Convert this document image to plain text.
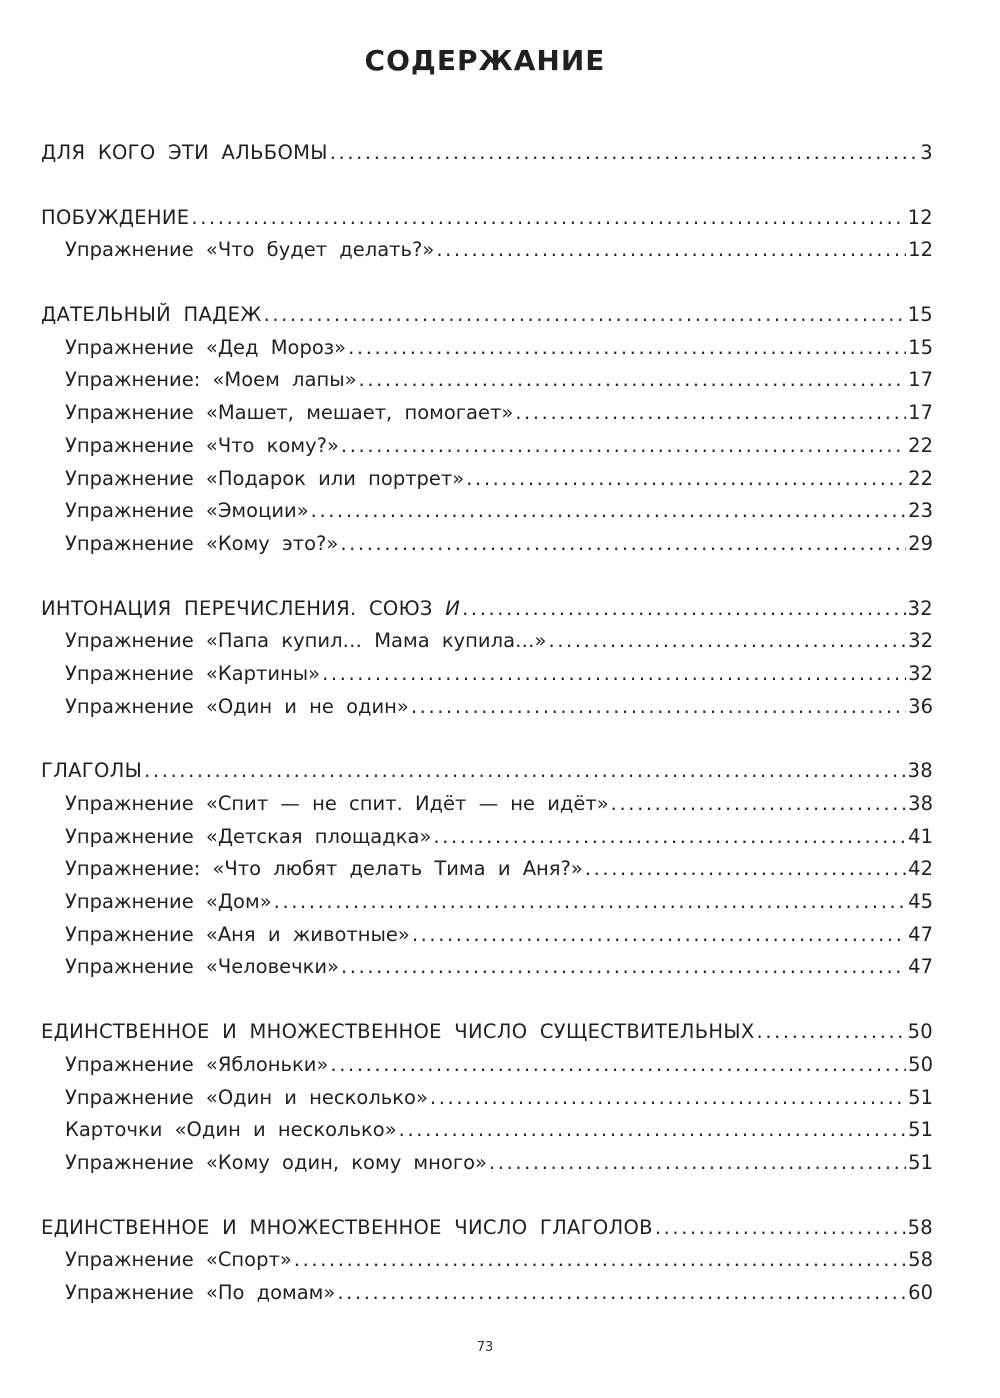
СОДЕРЖАНИЕ
ДЛЯ КОГО ЭТИ АЛЬБОМЫ .....	3
ПОБУЖДЕНИЕ .....	12
Упражнение «Что будет делать?» .....	12
ДАТЕЛЬНЫЙ ПАДЕЖ .....	15
Упражнение «Дед Мороз» .....	15
Упражнение: «Моем лапы» .....	17
Упражнение «Машет, мешает, помогает» .....	17
Упражнение «Что кому?» .....	22
Упражнение «Подарок или портрет» .....	22
Упражнение «Эмоции» .....	23
Упражнение «Кому это?» .....	29
ИНТОНАЦИЯ ПЕРЕЧИСЛЕНИЯ. СОЮЗ И .....	32
Упражнение «Папа купил… Мама купила…» .....	32
Упражнение «Картины» .....	32
Упражнение «Один и не один» .....	36
ГЛАГОЛЫ .....	38
Упражнение «Спит — не спит. Идёт — не идёт» .....	38
Упражнение «Детская площадка» .....	41
Упражнение: «Что любят делать Тима и Аня?» .....	42
Упражнение «Дом» .....	45
Упражнение «Аня и животные» .....	47
Упражнение «Человечки» .....	47
ЕДИНСТВЕННОЕ И МНОЖЕСТВЕННОЕ ЧИСЛО СУЩЕСТВИТЕЛЬНЫХ .....	50
Упражнение «Яблоньки» .....	50
Упражнение «Один и несколько» .....	51
Карточки «Один и несколько» .....	51
Упражнение «Кому один, кому много» .....	51
ЕДИНСТВЕННОЕ И МНОЖЕСТВЕННОЕ ЧИСЛО ГЛАГОЛОВ .....	58
Упражнение «Спорт» .....	58
Упражнение «По домам» .....	60
73
